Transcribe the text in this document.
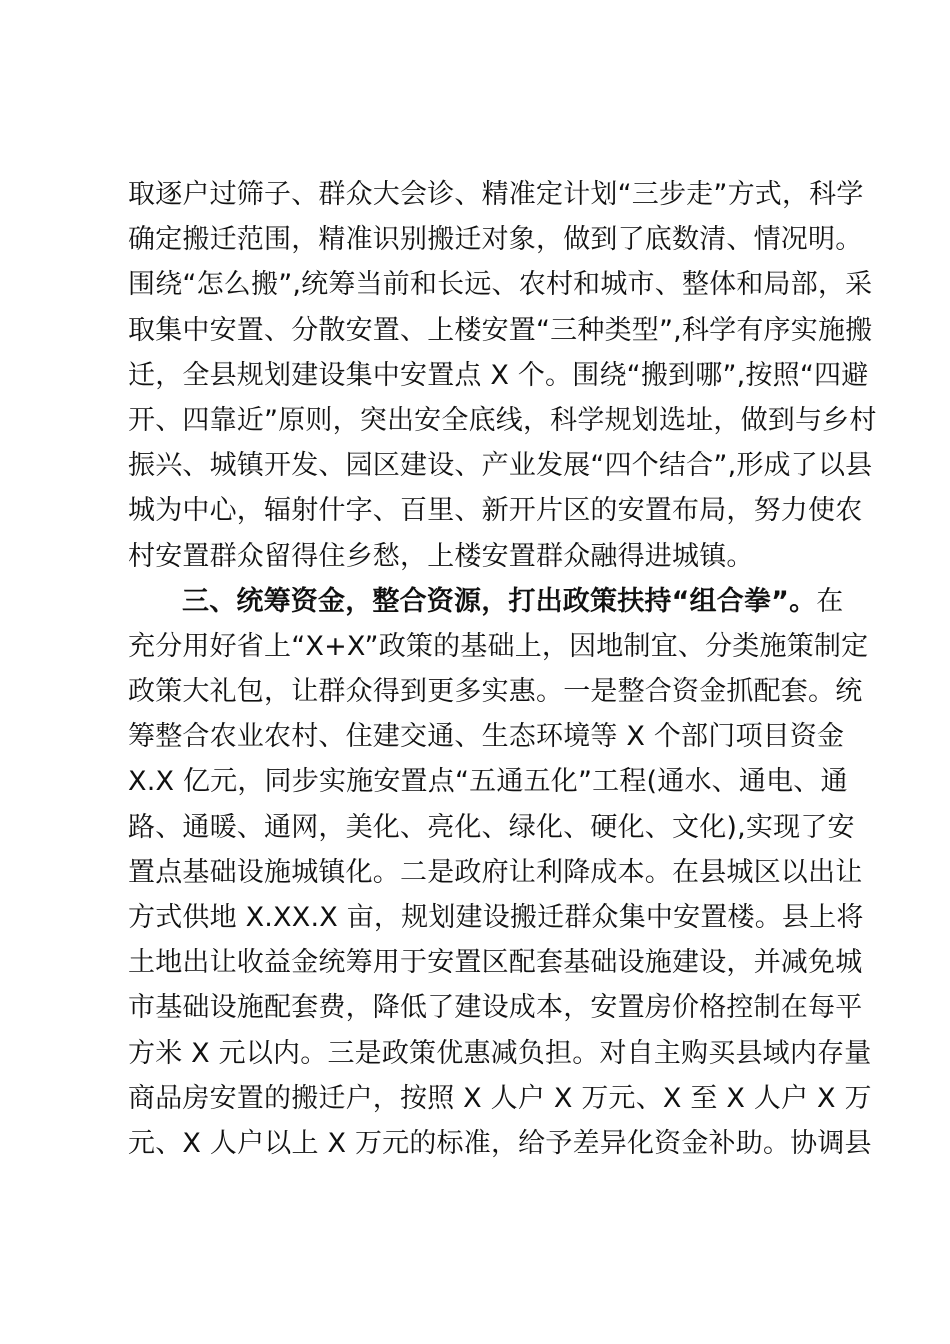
取逐户过筛子、群众大会诊、精准定计划“三步走”方式，科学
确定搬迁范围，精准识别搬迁对象，做到了底数清、情况明。
围绕“怎么搬”,统筹当前和长远、农村和城市、整体和局部，采
取集中安置、分散安置、上楼安置“三种类型”,科学有序实施搬
迁，全县规划建设集中安置点 X 个。围绕“搬到哪”,按照“四避
开、四靠近”原则，突出安全底线，科学规划选址，做到与乡村
振兴、城镇开发、园区建设、产业发展“四个结合”,形成了以县
城为中心，辐射什字、百里、新开片区的安置布局，努力使农
村安置群众留得住乡愁，上楼安置群众融得进城镇。
三、统筹资金，整合资源，打出政策扶持“组合拳”。在
充分用好省上“X+X”政策的基础上，因地制宜、分类施策制定
政策大礼包，让群众得到更多实惠。一是整合资金抓配套。统
筹整合农业农村、住建交通、生态环境等 X 个部门项目资金
X.X 亿元，同步实施安置点“五通五化”工程(通水、通电、通
路、通暖、通网，美化、亮化、绿化、硬化、文化),实现了安
置点基础设施城镇化。二是政府让利降成本。在县城区以出让
方式供地 X.XX.X 亩，规划建设搬迁群众集中安置楼。县上将
土地出让收益金统筹用于安置区配套基础设施建设，并减免城
市基础设施配套费，降低了建设成本，安置房价格控制在每平
方米 X 元以内。三是政策优惠减负担。对自主购买县域内存量
商品房安置的搬迁户，按照 X 人户 X 万元、X 至 X 人户 X 万
元、X 人户以上 X 万元的标准，给予差异化资金补助。协调县
